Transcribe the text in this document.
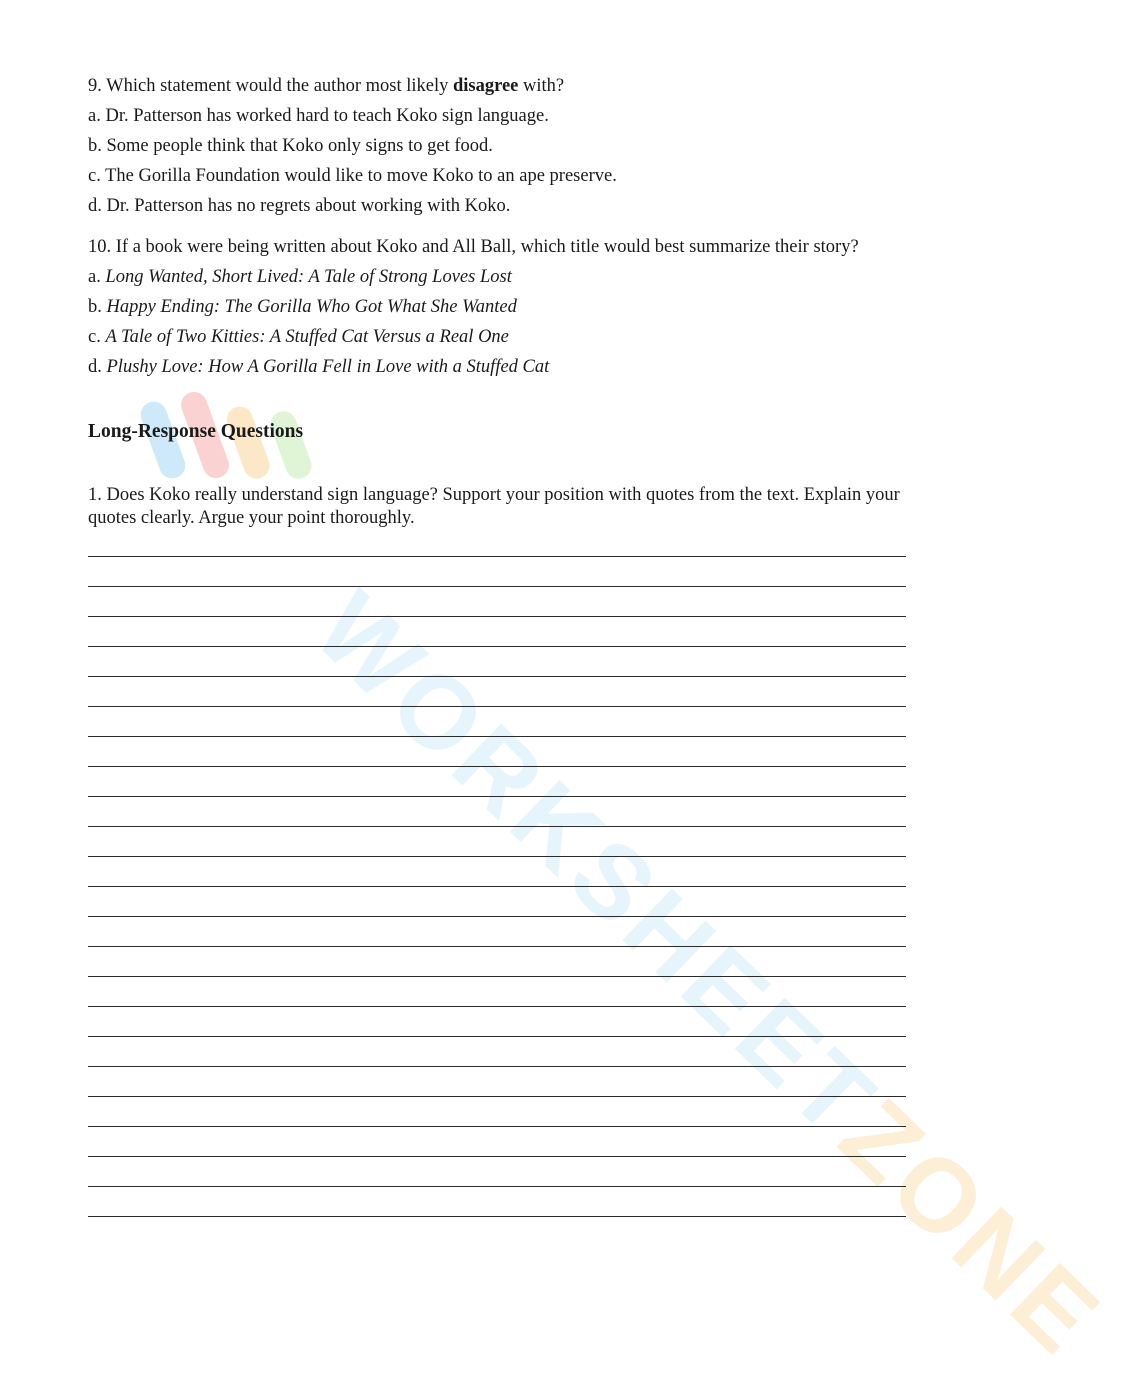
WORKSHEETZONE
9. Which statement would the author most likely disagree with?
a. Dr. Patterson has worked hard to teach Koko sign language.
b. Some people think that Koko only signs to get food.
c. The Gorilla Foundation would like to move Koko to an ape preserve.
d. Dr. Patterson has no regrets about working with Koko.
10. If a book were being written about Koko and All Ball, which title would best summarize their story?
a. Long Wanted, Short Lived: A Tale of Strong Loves Lost
b. Happy Ending: The Gorilla Who Got What She Wanted
c. A Tale of Two Kitties: A Stuffed Cat Versus a Real One
d. Plushy Love: How A Gorilla Fell in Love with a Stuffed Cat
Long-Response Questions
1. Does Koko really understand sign language? Support your position with quotes from the text. Explain your quotes clearly. Argue your point thoroughly.
